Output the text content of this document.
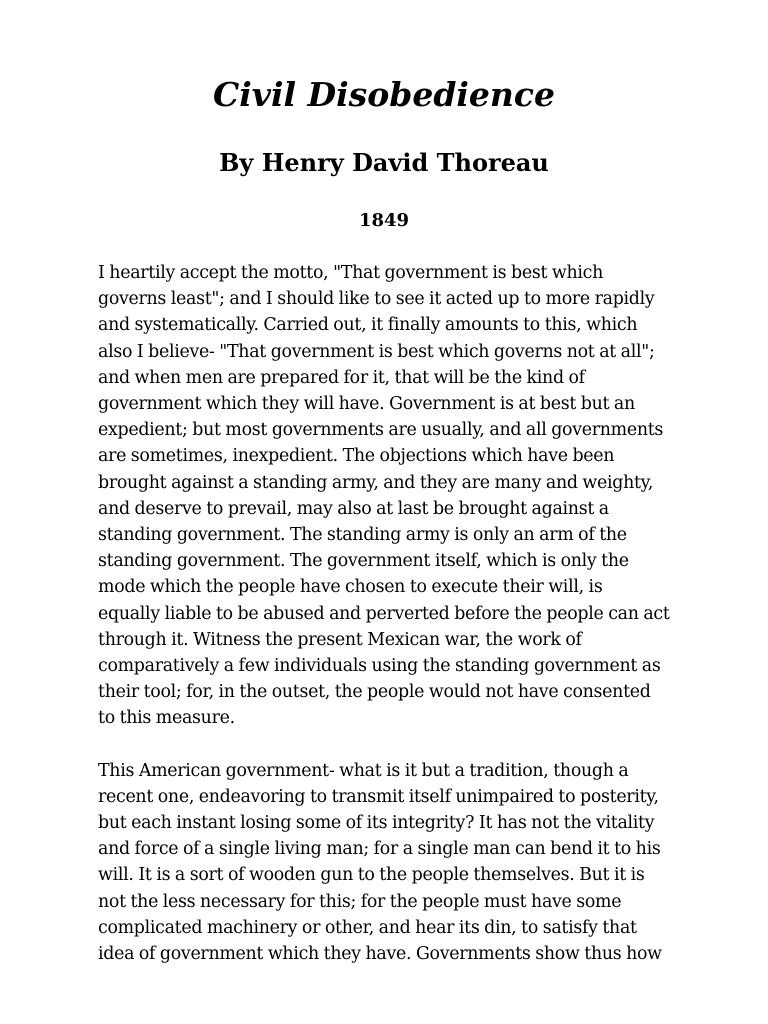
Civil Disobedience
By Henry David Thoreau
1849

I heartily accept the motto, "That government is best which
governs least"; and I should like to see it acted up to more rapidly
and systematically. Carried out, it finally amounts to this, which
also I believe- "That government is best which governs not at all";
and when men are prepared for it, that will be the kind of
government which they will have. Government is at best but an
expedient; but most governments are usually, and all governments
are sometimes, inexpedient. The objections which have been
brought against a standing army, and they are many and weighty,
and deserve to prevail, may also at last be brought against a
standing government. The standing army is only an arm of the
standing government. The government itself, which is only the
mode which the people have chosen to execute their will, is
equally liable to be abused and perverted before the people can act
through it. Witness the present Mexican war, the work of
comparatively a few individuals using the standing government as
their tool; for, in the outset, the people would not have consented
to this measure.

This American government- what is it but a tradition, though a
recent one, endeavoring to transmit itself unimpaired to posterity,
but each instant losing some of its integrity? It has not the vitality
and force of a single living man; for a single man can bend it to his
will. It is a sort of wooden gun to the people themselves. But it is
not the less necessary for this; for the people must have some
complicated machinery or other, and hear its din, to satisfy that
idea of government which they have. Governments show thus how
